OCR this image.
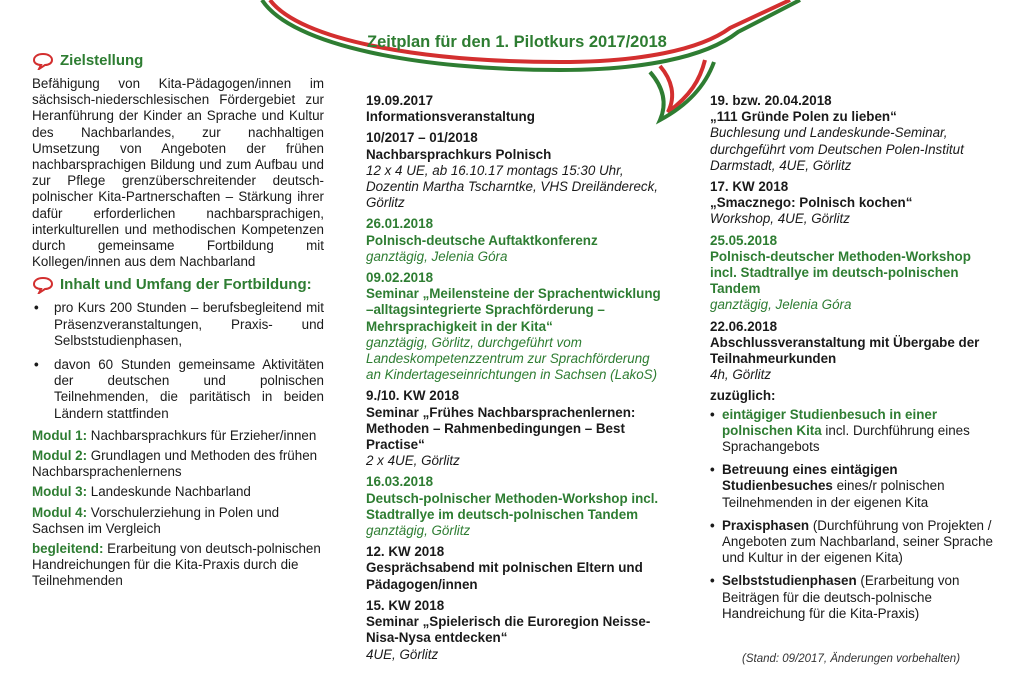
Zeitplan für den 1. Pilotkurs 2017/2018
Zielstellung
Befähigung von Kita-Pädagogen/innen im sächsisch-niederschlesischen Fördergebiet zur Heranführung der Kinder an Sprache und Kultur des Nachbarlandes, zur nachhaltigen Umsetzung von Angeboten der frühen nachbarsprachigen Bildung und zum Aufbau und zur Pflege grenzüberschreitender deutsch-polnischer Kita-Partnerschaften – Stärkung ihrer dafür erforderlichen nachbarsprachigen, interkulturellen und methodischen Kompetenzen durch gemeinsame Fortbildung mit Kollegen/innen aus dem Nachbarland
Inhalt und Umfang der Fortbildung:
• pro Kurs 200 Stunden – berufsbegleitend mit Präsenzveranstaltungen, Praxis- und Selbststudienphasen,
• davon 60 Stunden gemeinsame Aktivitäten der deutschen und polnischen Teilnehmenden, die paritätisch in beiden Ländern stattfinden
Modul 1: Nachbarsprachkurs für Erzieher/innen
Modul 2: Grundlagen und Methoden des frühen Nachbarsprachenlernens
Modul 3: Landeskunde Nachbarland
Modul 4: Vorschulerziehung in Polen und Sachsen im Vergleich
begleitend: Erarbeitung von deutsch-polnischen Handreichungen für die Kita-Praxis durch die Teilnehmenden
19.09.2017
Informationsveranstaltung
10/2017 – 01/2018
Nachbarsprachkurs Polnisch
12 x 4 UE, ab 16.10.17 montags 15:30 Uhr, Dozentin Martha Tscharntke, VHS Dreiländereck, Görlitz
26.01.2018
Polnisch-deutsche Auftaktkonferenz
ganztägig, Jelenia Góra
09.02.2018
Seminar „Meilensteine der Sprachentwicklung –alltagsintegrierte Sprachförderung – Mehrsprachigkeit in der Kita“
ganztägig, Görlitz, durchgeführt vom Landeskompetenzzentrum zur Sprachförderung an Kindertageseinrichtungen in Sachsen (LakoS)
9./10. KW 2018
Seminar „Frühes Nachbarsprachenlernen: Methoden – Rahmenbedingungen – Best Practise“
2 x 4UE, Görlitz
16.03.2018
Deutsch-polnischer Methoden-Workshop incl. Stadtrallye im deutsch-polnischen Tandem
ganztägig, Görlitz
12. KW 2018
Gesprächsabend mit polnischen Eltern und Pädagogen/innen
15. KW 2018
Seminar „Spielerisch die Euroregion Neisse-Nisa-Nysa entdecken“
4UE, Görlitz
19. bzw. 20.04.2018
„111 Gründe Polen zu lieben“
Buchlesung und Landeskunde-Seminar, durchgeführt vom Deutschen Polen-Institut Darmstadt, 4UE, Görlitz
17. KW 2018
„Smacznego: Polnisch kochen“
Workshop, 4UE, Görlitz
25.05.2018
Polnisch-deutscher Methoden-Workshop incl. Stadtrallye im deutsch-polnischen Tandem
ganztägig, Jelenia Góra
22.06.2018
Abschlussveranstaltung mit Übergabe der Teilnahmeurkunden
4h, Görlitz
zuzüglich:
• eintägiger Studienbesuch in einer polnischen Kita incl. Durchführung eines Sprachangebots
• Betreuung eines eintägigen Studienbesuches eines/r polnischen Teilnehmenden in der eigenen Kita
• Praxisphasen (Durchführung von Projekten / Angeboten zum Nachbarland, seiner Sprache und Kultur in der eigenen Kita)
• Selbststudienphasen (Erarbeitung von Beiträgen für die deutsch-polnische Handreichung für die Kita-Praxis)
(Stand: 09/2017, Änderungen vorbehalten)
